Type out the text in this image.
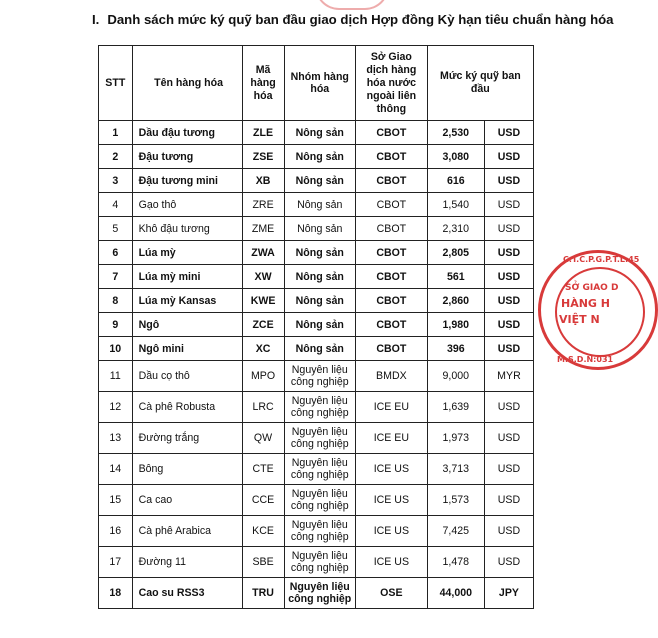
I. Danh sách mức ký quỹ ban đầu giao dịch Hợp đồng Kỳ hạn tiêu chuẩn hàng hóa
STT	Tên hàng hóa	Mã hàng hóa	Nhóm hàng hóa	Sở Giao dịch hàng hóa nước ngoài liên thông	Mức ký quỹ ban đầu	
1	Dầu đậu tương	ZLE	Nông sản	CBOT	2,530	USD
2	Đậu tương	ZSE	Nông sản	CBOT	3,080	USD
3	Đậu tương mini	XB	Nông sản	CBOT	616	USD
4	Gạo thô	ZRE	Nông sản	CBOT	1,540	USD
5	Khô đậu tương	ZME	Nông sản	CBOT	2,310	USD
6	Lúa mỳ	ZWA	Nông sản	CBOT	2,805	USD
7	Lúa mỳ mini	XW	Nông sản	CBOT	561	USD
8	Lúa mỳ Kansas	KWE	Nông sản	CBOT	2,860	USD
9	Ngô	ZCE	Nông sản	CBOT	1,980	USD
10	Ngô mini	XC	Nông sản	CBOT	396	USD
11	Dầu cọ thô	MPO	Nguyên liệu công nghiệp	BMDX	9,000	MYR
12	Cà phê Robusta	LRC	Nguyên liệu công nghiệp	ICE EU	1,639	USD
13	Đường trắng	QW	Nguyên liệu công nghiệp	ICE EU	1,973	USD
14	Bông	CTE	Nguyên liệu công nghiệp	ICE US	3,713	USD
15	Ca cao	CCE	Nguyên liệu công nghiệp	ICE US	1,573	USD
16	Cà phê Arabica	KCE	Nguyên liệu công nghiệp	ICE US	7,425	USD
17	Đường 11	SBE	Nguyên liệu công nghiệp	ICE US	1,478	USD
18	Cao su RSS3	TRU	Nguyên liệu công nghiệp	OSE	44,000	JPY
C.T.C.P.G.P.T.L:45
SỞ GIAO D
HÀNG H
VIỆT N
M.S.D.N:031
